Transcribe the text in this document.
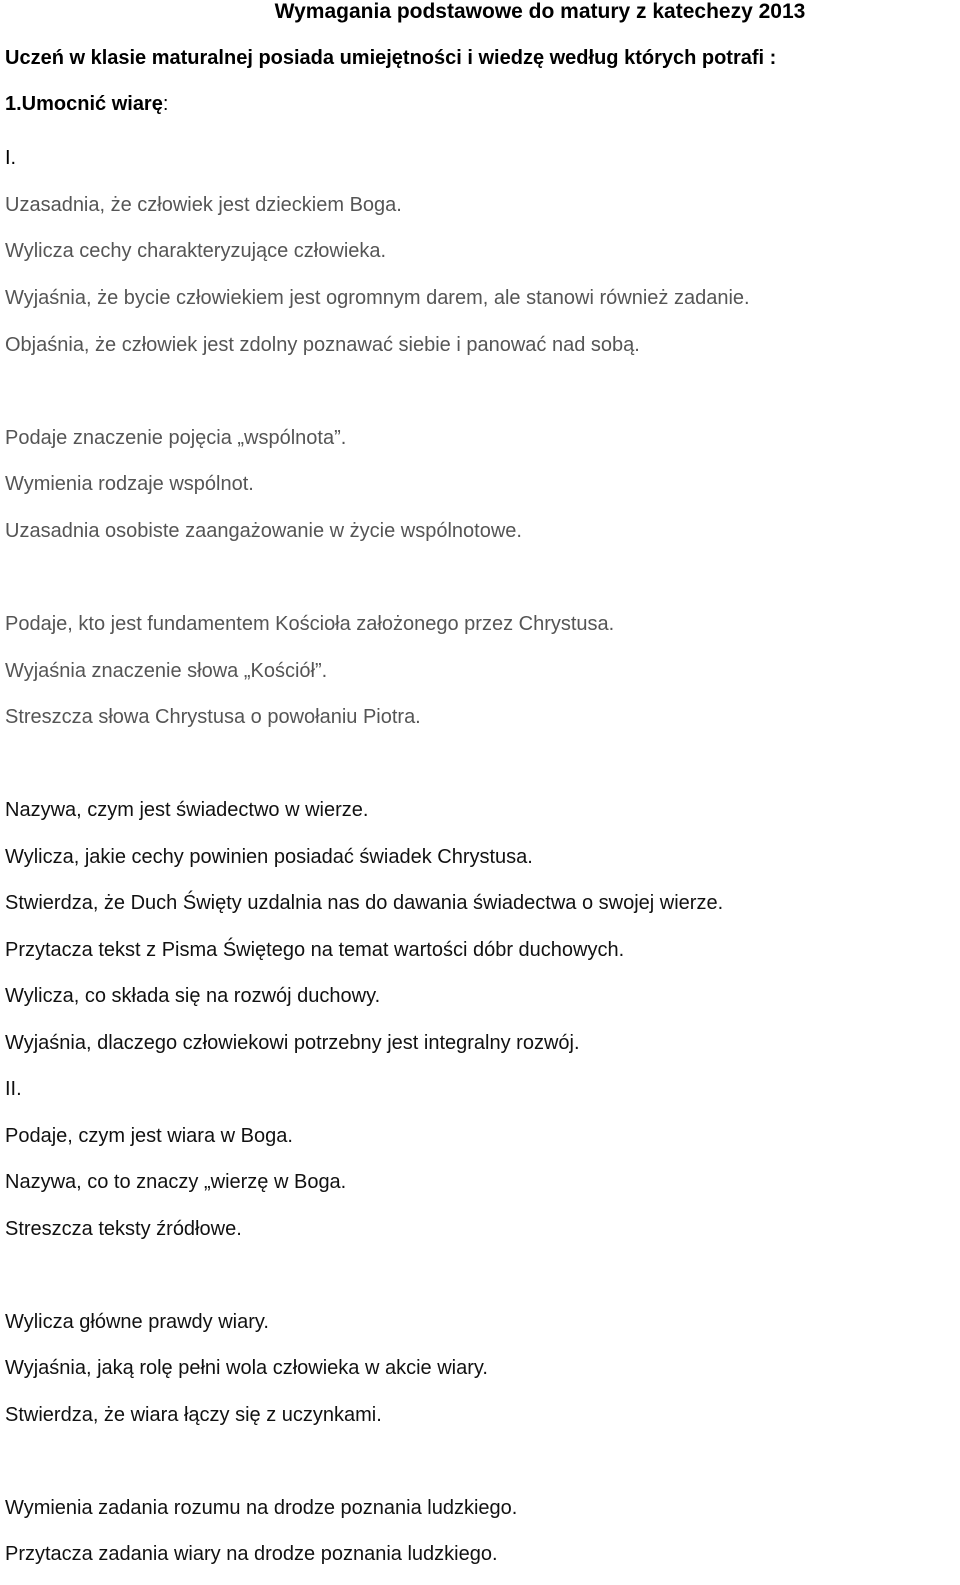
Wymagania podstawowe do matury z katechezy 2013
Uczeń w klasie maturalnej posiada umiejętności i wiedzę według których potrafi :
1.Umocnić wiarę:
I.
Uzasadnia, że człowiek jest dzieckiem Boga.
Wylicza cechy charakteryzujące człowieka.
Wyjaśnia, że bycie człowiekiem jest ogromnym darem, ale stanowi również zadanie.
Objaśnia, że człowiek jest zdolny poznawać siebie i panować nad sobą.
Podaje znaczenie pojęcia „wspólnota”.
Wymienia rodzaje wspólnot.
Uzasadnia osobiste zaangażowanie w życie wspólnotowe.
Podaje, kto jest fundamentem Kościoła założonego przez Chrystusa.
Wyjaśnia znaczenie słowa „Kościół”.
Streszcza słowa Chrystusa o powołaniu Piotra.
Nazywa, czym jest świadectwo w wierze.
Wylicza, jakie cechy powinien posiadać świadek Chrystusa.
Stwierdza, że Duch Święty uzdalnia nas do dawania świadectwa o swojej wierze.
Przytacza tekst z Pisma Świętego na temat wartości dóbr duchowych.
Wylicza, co składa się na rozwój duchowy.
Wyjaśnia, dlaczego człowiekowi potrzebny jest integralny rozwój.
II.
Podaje, czym jest wiara w Boga.
Nazywa, co to znaczy „wierzę w Boga.
Streszcza teksty źródłowe.
Wylicza główne prawdy wiary.
Wyjaśnia, jaką rolę pełni wola człowieka w akcie wiary.
Stwierdza, że wiara łączy się z uczynkami.
Wymienia zadania rozumu na drodze poznania ludzkiego.
Przytacza zadania wiary na drodze poznania ludzkiego.
